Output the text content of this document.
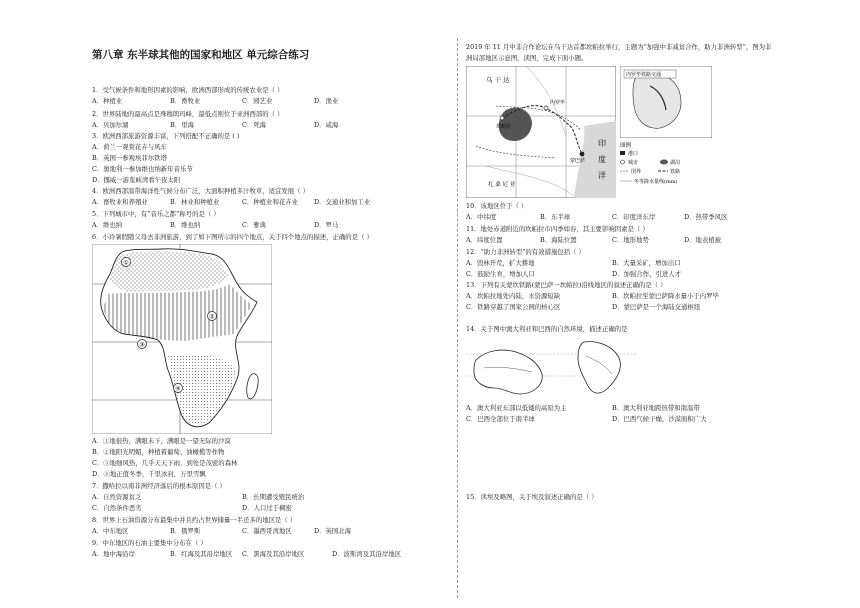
第八章 东半球其他的国家和地区 单元综合练习
1．受气候条件和地形因素的影响，欧洲西部形成的传统农业是（ ）
A．种植业	B．畜牧业	C．园艺业	D．渔业
2．世界陆地的最高点是珠穆朗玛峰，最低点则位于亚洲西部的（ ）
A．贝加尔湖	B．里海	C．死海	D．咸海
3．欧洲西部旅游资源丰富，下列搭配不正确的是 ( )
A．荷兰一观赏花卉与风车
B．英国一参观埃菲尔铁塔
C．奥地利一参加维也纳新年音乐节
D．挪威一游览峡湾看午夜太阳
4．欧洲西部温带海洋性气候分布广泛，大面积种植多汁牧草，适宜发展（ ）
A．畜牧业和养殖业	B．林业和种植业	C．种植业和花卉业 D．交通业和加工业
5．下列城市中，有“音乐之都”称号的是（ ）
A．维也纳	B．维也纳	C．雅典	D．罗马
6．小玲暑假随父母去非洲旅游，到了如下图所示的四个地点，关于四个地点的描述，正确的是（ ）
①
②
③
④
A．①地很热，满眼未下，满眼是一望无际的沙漠
B．②地阳光明媚，种植着葡萄、油橄榄等作物
C．③地细风热，几乎天天下雨，到处是茂密的森林
D．④地正值冬季，千里冰封，万里雪飘
7．撒哈拉以南非洲经济落后的根本原因是（ ）
A．自然资源贫乏	B．长期遭受殖民统治
C．自然条件恶劣	D．人口过于稠密
8．世界上石油资源分布最集中并且约占世界储量一半还多的地区是（ ）
A．中东地区	B．俄罗斯	C．墨西哥湾地区	D．英国北海
9．中东地区的石油主要集中分布在（ ）
A．地中海沿岸	B．红海及其沿岸地区 C．黑海及其沿岸地区	D．波斯湾及其沿岸地区
2019 年 11 月中非合作论坛在乌干达首都坎帕拉举行，主题为“加强中非减贫合作，助力非洲转型”，图为非
洲局部地区示意图，读图，完成下面小题。
乌 干 达
坎帕拉
扎 桑 尼 亚
内罗毕
蒙巴萨
印
度
洋
内罗毕铁路交通
图例
港口
城市	湖泊
国界	铁路
冬等降水量线(mm)
10．该地区位于（ ）
A．中纬度	B．东半球	C．印度洋东岸	D．热带季风区
11．地处赤道附近的坎帕拉市四季如春，其主要影响因素是（ ）
A．纬度位置	B．海陆位置	C．地形地势	D．地表植被
12．“助力非洲转型”的有效措施包括（ ）
A．毁林开荒，扩大耕地	B．大量采矿，增加出口
C．鼓励生育，增加人口	D．加强合作，引进人才
13．下列有关蒙坎铁路(蒙巴萨一坎帕拉)沿线地区的叙述正确的是（ ）
A．坎帕拉地处内陆，水资源短缺	B．坎帕拉至蒙巴萨降水量小于内罗毕
C．铁路穿越了国家公园的核心区	D．蒙巴萨是一个海陆交通枢纽
14．关于图中澳大利亚和巴西的自然环境，描述正确的是
A．澳大利亚东部以低矮的高原为主	B．澳大利亚地跨热带和南温带
C．巴西全部位于南半球	D．巴西气候干燥，沙漠面积广大
15．读埃及略图，关于埃及叙述正确的是（ ）
